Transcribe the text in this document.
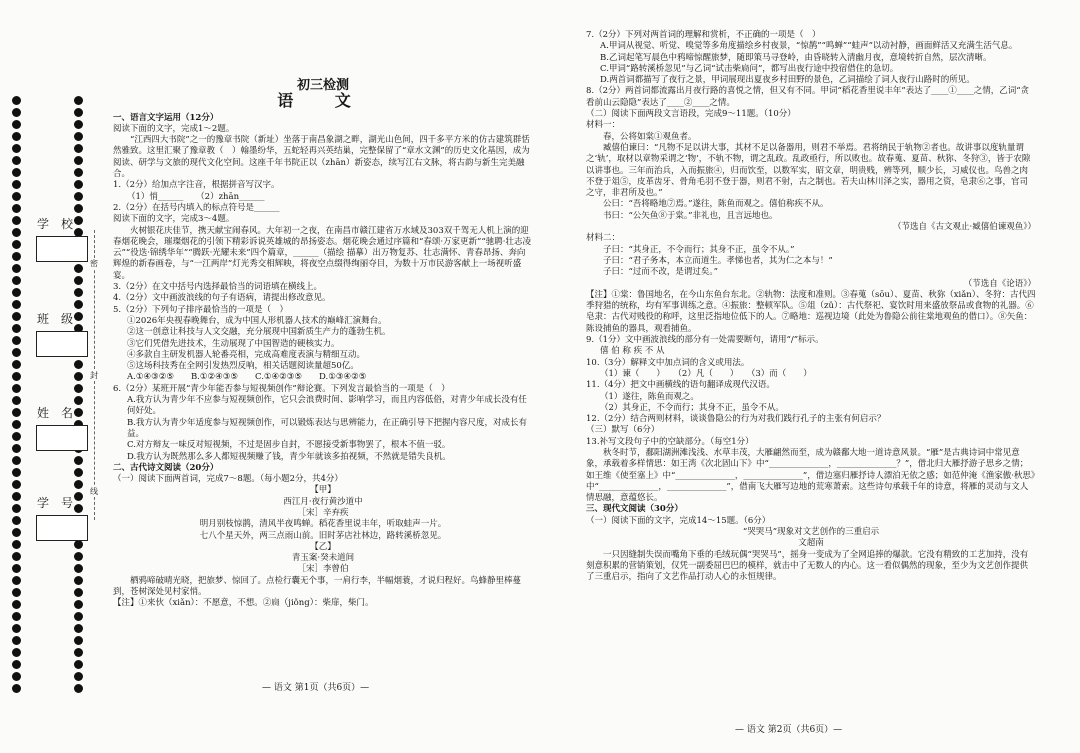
学校
班级
姓名
学号
密
封
线
初三检测
语 文
一、语言文字运用（12分）
阅读下面的文字，完成1～2题。
“江西四大书院”之一的豫章书院（新址）坐落于南昌象湖之畔，湖光山色间，四千多平方米的仿古建筑群恬然雅致。这里汇聚了豫章教（　）翰墨纷华，五蛇轻再兴英结巢，完整保留了“章水文渊”的历史文化基因，成为阅读、研学与文旅的现代文化空间。这座千年书院正以（zhān）新姿态，续写江右文脉，将古韵与新生完美融合。
1.（2分）给加点字注音，根据拼音写汉字。
（1）悄______　　（2）zhān______
2.（2分）在括号内填入的标点符号是______
阅读下面的文字，完成3～4题。
火树银花庆佳节，携天献宝闹春风。大年初一之夜，在南昌市赣江建省万水域及303双千驾无人机上演的迎春烟花晚会，璀璨烟花的引领下精彩诉说英雄城的昂扬姿态。烟花晚会通过序篇和“春颂·万家更新”“驰聘·壮志凌云”“役迭·锦绣华年”“腾跃·光耀未来”四个篇章，______（描绘 描摹）出万物复苏、壮志满怀、青春昂扬、奔向辉煌的新春画卷，与“一江两岸”灯光秀交相辉映，将夜空点缀得绚丽夺目，为数十万市民游客献上一场视听盛宴。
3.（2分）在文中括号内选择最恰当的词语填在横线上。
4.（2分）文中画波浪线的句子有语病，请提出修改意见。
5.（2分）下列句子排序最恰当的一项是（　）
①2026年央视春晚舞台，成为中国人形机器人技术的巅峰汇演舞台。
②这一创意让科技与人文交融，充分展现中国新质生产力的蓬勃生机。
③它们凭借先进技术，生动展现了中国智造的硬核实力。
④多款自主研发机器人轮番亮相，完成高难度表演与精细互动。
⑤这场科技秀在全网引发热烈反响，相关话题阅读量超50亿。
A.①④③②⑤　　B.①②④③⑤　　C.①④②③⑤　　D.①③④②⑤
6.（2分）某班开展“青少年能否参与短视频创作”辩论赛。下列发言最恰当的一项是（　）
A.我方认为青少年不应参与短视频创作，它只会浪费时间、影响学习，而且内容低俗，对青少年成长没有任何好处。
B.我方认为青少年适度参与短视频创作，可以锻炼表达与思辨能力，在正确引导下把握内容尺度，对成长有益。
C.对方辩友一味反对短视频，不过是固步自封，不愿接受新事物罢了，根本不值一驳。
D.我方认为既然那么多人都短视频赚了钱，青少年就该多拍视频，不然就是错失良机。
二、古代诗文阅读（20分）
（一）阅读下面两首词，完成7～8题。（每小题2分，共4分）
【甲】
西江月·夜行黄沙道中
［宋］辛弃疾
明月别枝惊鹊，清风半夜鸣蝉。稻花香里说丰年，听取蛙声一片。
七八个星天外，两三点雨山前。旧时茅店社林边，路转溪桥忽见。
【乙】
青玉案·癸未道间
［宋］李曾伯
栖鸦啼破晴光晓，把旅梦、惊回了。点检行囊无个事，一肩行李，半幅烟蓑，才说归程好。鸟蜂静里棒蔓到，苍树深处见村家悄。
【注】①来伙（xiǎn）：不愿意，不想。②扃（jiǒng）：柴扉，柴门。
— 语文 第1页（共6页）—
7.（2分）下列对两首词的理解和赏析，不正确的一项是（　）
A.甲词从视觉、听觉、嗅觉等多角度描绘乡村夜景，“惊鹊”“鸣蝉”“蛙声”以动衬静，画面鲜活又充满生活气息。
B.乙词起笔写晨色中鸦啼惊醒旅梦，随即策马寻登岭，由昏晓转入清幽月夜，意境转折自然，层次清晰。
C.甲词“路转溪桥忽见”与乙词“试击柴扃问”，都写出夜行途中投宿借住的急切。
D.两首词都描写了夜行之景，甲词展现出夏夜乡村田野的景色，乙词描绘了词人夜行山路时的所见。
8.（2分）两首词都流露出月夜行路的喜悦之情，但又有不同。甲词“稻花香里说丰年”表达了____①____之情，乙词“贪看前山云隐隐”表达了____②____之情。
（二）阅读下面两段文言语段，完成9～11题。（10分）
材料一：
春，公将如棠①观鱼者。
臧僖伯谏曰：“凡物不足以讲大事，其材不足以备器用，则君不举焉。君将纳民于轨物②者也。故讲事以度轨量谓之‘轨’，取材以章物采谓之‘物’，不轨不物，谓之乱政。乱政亟行，所以败也。故春蒐、夏苗、秋狝、冬狩③，皆于农隙以讲事也。三年而治兵，入而振旅④，归而饮至，以数军实，昭文章，明贵贱，辨等列，顺少长，习威仪也。鸟兽之肉不登于俎⑤，皮革齿牙、骨角毛羽不登于器，则君不射，古之制也。若夫山林川泽之实，器用之资，皂隶⑥之事，官司之守，非君所及也。”
公曰：“吾将略地⑦焉。”遂往，陈鱼而观之。僖伯称疾不从。
书曰：“公矢鱼⑧于棠。”非礼也，且言远地也。
（节选自《古文观止·臧僖伯谏观鱼》）
材料二：
子曰：“其身正，不令而行；其身不正，虽令不从。”
子曰：“君子务本，本立而道生。孝悌也者，其为仁之本与！”
子曰：“过而不改，是谓过矣。”
（节选自《论语》）
【注】①棠：鲁国地名，在今山东鱼台东北。②轨物：法度和准则。③春蒐（sōu）、夏苗、秋狝（xiǎn）、冬狩：古代四季狩猎的统称，均有军事训练之意。④振旅：整顿军队。⑤俎（zǔ）：古代祭祀、宴饮时用来盛放祭品或食物的礼器。⑥皂隶：古代对贱役的称呼，这里泛指地位低下的人。⑦略地：巡视边境（此处为鲁隐公前往棠地观鱼的借口）。⑧矢鱼：陈设捕鱼的器具，观看捕鱼。
9.（1分）文中画波浪线的部分有一处需要断句，请用“/”标示。
僖 伯 称 疾 不 从
10.（3分）解释文中加点词的含义或用法。
（1）谏（　　）　　（2）凡（　　）　　（3）而（　　）
11.（4分）把文中画横线的语句翻译成现代汉语。
（1）遂往，陈鱼而观之。
（2）其身正，不令而行；其身不正，虽令不从。
12.（2分）结合两则材料，谈谈鲁隐公的行为对我们践行孔子的主张有何启示？
（三）默写（6分）
13.补写文段句子中的空缺部分。（每空1分）
秋冬时节，鄱阳湖洲滩浅浅、水草丰茂，大雁翩然而至，成为赣鄱大地一道诗意风景。“雁”是古典诗词中常见意象，承载着多样情思：如王湾《次北固山下》中“______________，______________？”，借北归大雁抒游子思乡之情；如王维《使至塞上》中“______________，______________”，借边塞归雁抒诗人漂泊无依之感；如范仲淹《渔家傲·秋思》中“______________，______________”，借南飞大雁写边地的荒寒萧索。这些诗句承载千年的诗意，将雁的灵动与文人情思融，意蕴悠长。
三、现代文阅读（30分）
（一）阅读下面的文字，完成14～15题。（6分）
“哭哭马”现象对文艺创作的三重启示
文超南
一只因缝制失误而嘴角下垂的毛绒玩偶“哭哭马”，摇身一变成为了全网追捧的爆款。它没有精致的工艺加持，没有刻意积累的营销策划，仅凭一副委屈巴巴的模样，就击中了无数人的内心。这一看似偶然的现象，至少为文艺创作提供了三重启示，指向了文艺作品打动人心的永恒规律。
— 语文 第2页（共6页）—
